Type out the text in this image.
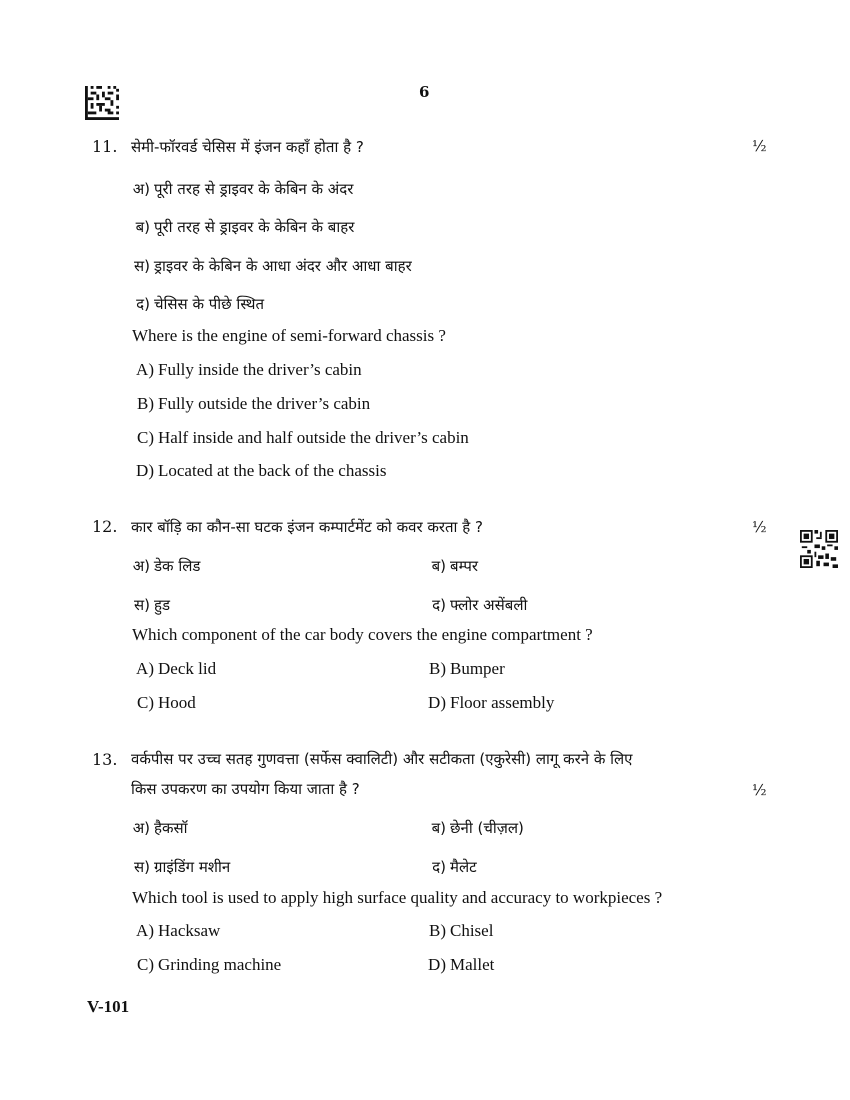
6
11. सेमी-फॉरवर्ड चेसिस में इंजन कहाँ होता है ?	½
अ) पूरी तरह से ड्राइवर के केबिन के अंदर
ब) पूरी तरह से ड्राइवर के केबिन के बाहर
स) ड्राइवर के केबिन के आधा अंदर और आधा बाहर
द) चेसिस के पीछे स्थित
Where is the engine of semi-forward chassis ?
A) Fully inside the driver’s cabin
B) Fully outside the driver’s cabin
C) Half inside and half outside the driver’s cabin
D) Located at the back of the chassis
12. कार बॉड़ि का कौन-सा घटक इंजन कम्पार्टमेंट को कवर करता है ?	½
अ) डेक लिड	ब) बम्पर
स) हुड	द) फ्लोर असेंबली
Which component of the car body covers the engine compartment ?
A) Deck lid	B) Bumper
C) Hood	D) Floor assembly
13. वर्कपीस पर उच्च सतह गुणवत्ता (सर्फेस क्वालिटी) और सटीकता (एकुरेसी) लागू करने के लिए
किस उपकरण का उपयोग किया जाता है ?	½
अ) हैकसॉ	ब) छेनी (चीज़ल)
स) ग्राइंडिंग मशीन	द) मैलेट
Which tool is used to apply high surface quality and accuracy to workpieces ?
A) Hacksaw	B) Chisel
C) Grinding machine	D) Mallet
V-101
